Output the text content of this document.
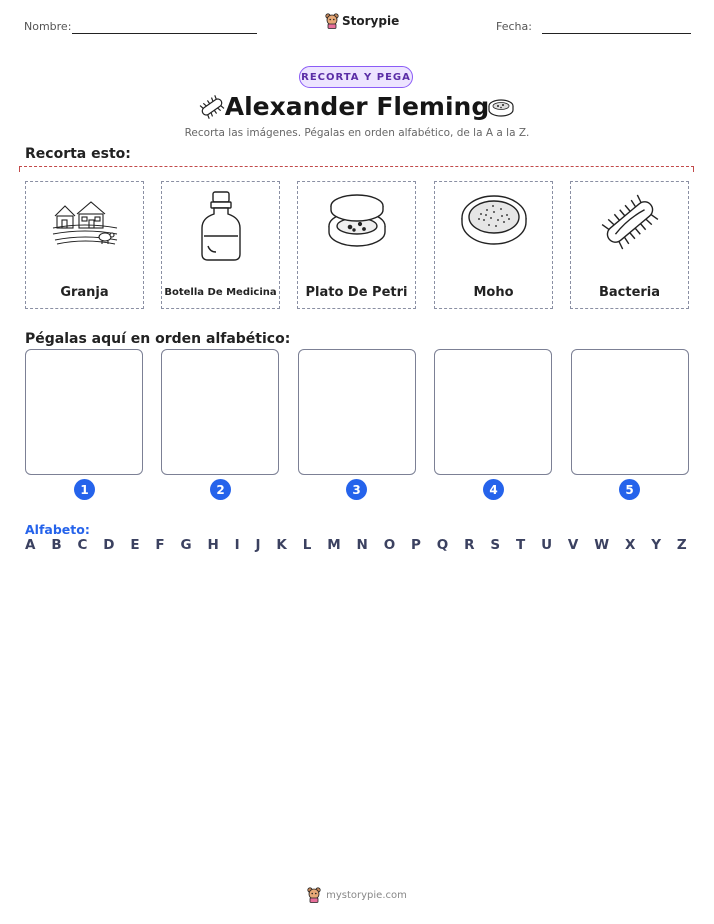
Nombre:	Storypie	Fecha:
RECORTA Y PEGA
Alexander Fleming
Recorta las imágenes. Pégalas en orden alfabético, de la A a la Z.
Recorta esto:
Granja	Botella De Medicina	Plato De Petri	Moho	Bacteria
Pégalas aquí en orden alfabético:
1	2	3	4	5
Alfabeto:
A B C D E F G H I J K L M N O P Q R S T U V W X Y Z
mystorypie.com
